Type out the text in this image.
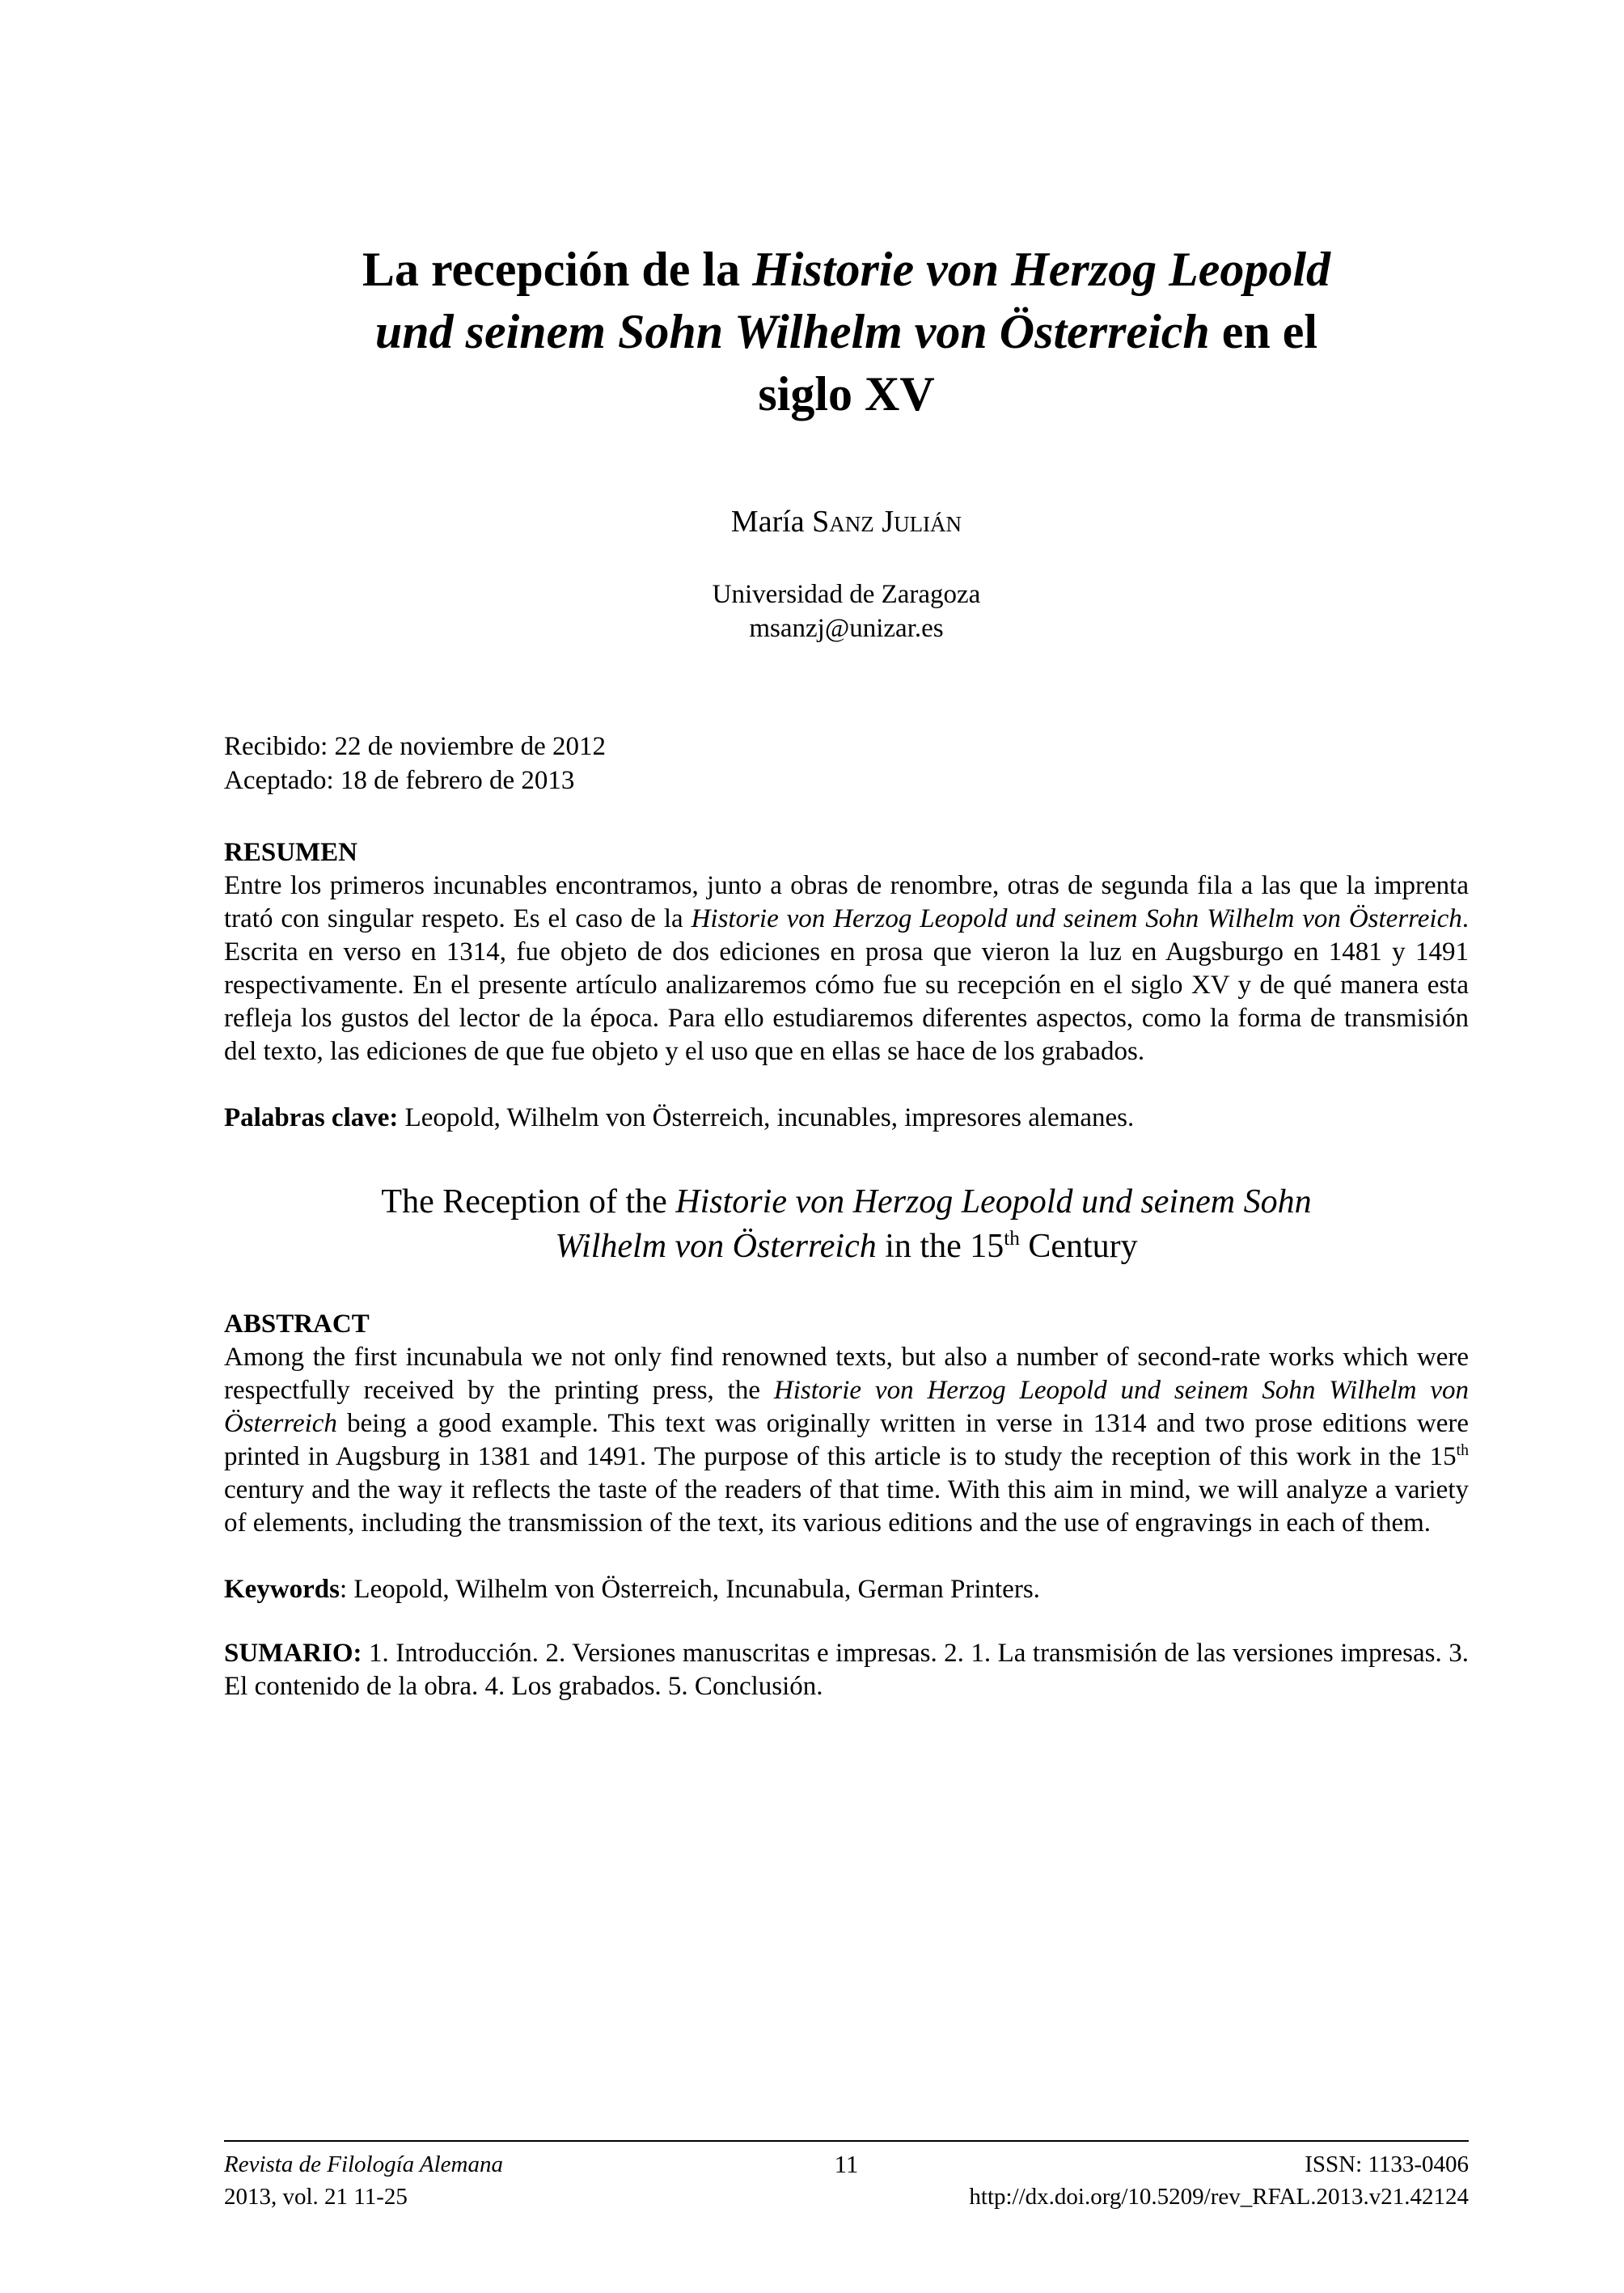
La recepción de la Historie von Herzog Leopold
und seinem Sohn Wilhelm von Österreich en el
siglo XV
María Sanz Julián
Universidad de Zaragoza
msanzj@unizar.es
Recibido: 22 de noviembre de 2012
Aceptado: 18 de febrero de 2013
RESUMEN

Entre los primeros incunables encontramos, junto a obras de renombre, otras de segunda fila a las que la imprenta trató con singular respeto. Es el caso de la Historie von Herzog Leopold und seinem Sohn Wilhelm von Österreich. Escrita en verso en 1314, fue objeto de dos ediciones en prosa que vieron la luz en Augsburgo en 1481 y 1491 respectivamente. En el presente artículo analizaremos cómo fue su recepción en el siglo XV y de qué manera esta refleja los gustos del lector de la época. Para ello estudiaremos diferentes aspectos, como la forma de transmisión del texto, las ediciones de que fue objeto y el uso que en ellas se hace de los grabados.

Palabras clave: Leopold, Wilhelm von Österreich, incunables, impresores alemanes.
The Reception of the Historie von Herzog Leopold und seinem Sohn
Wilhelm von Österreich in the 15th Century
ABSTRACT

Among the first incunabula we not only find renowned texts, but also a number of second-rate works which were respectfully received by the printing press, the Historie von Herzog Leopold und seinem Sohn Wilhelm von Österreich being a good example. This text was originally written in verse in 1314 and two prose editions were printed in Augsburg in 1381 and 1491. The purpose of this article is to study the reception of this work in the 15th century and the way it reflects the taste of the readers of that time. With this aim in mind, we will analyze a variety of elements, including the transmission of the text, its various editions and the use of engravings in each of them.

Keywords: Leopold, Wilhelm von Österreich, Incunabula, German Printers.
SUMARIO: 1. Introducción. 2. Versiones manuscritas e impresas. 2. 1. La transmisión de las versiones impresas. 3. El contenido de la obra. 4. Los grabados. 5. Conclusión.
Revista de Filología Alemana	11	ISSN: 1133-0406
2013, vol. 21 11-25	http://dx.doi.org/10.5209/rev_RFAL.2013.v21.42124
